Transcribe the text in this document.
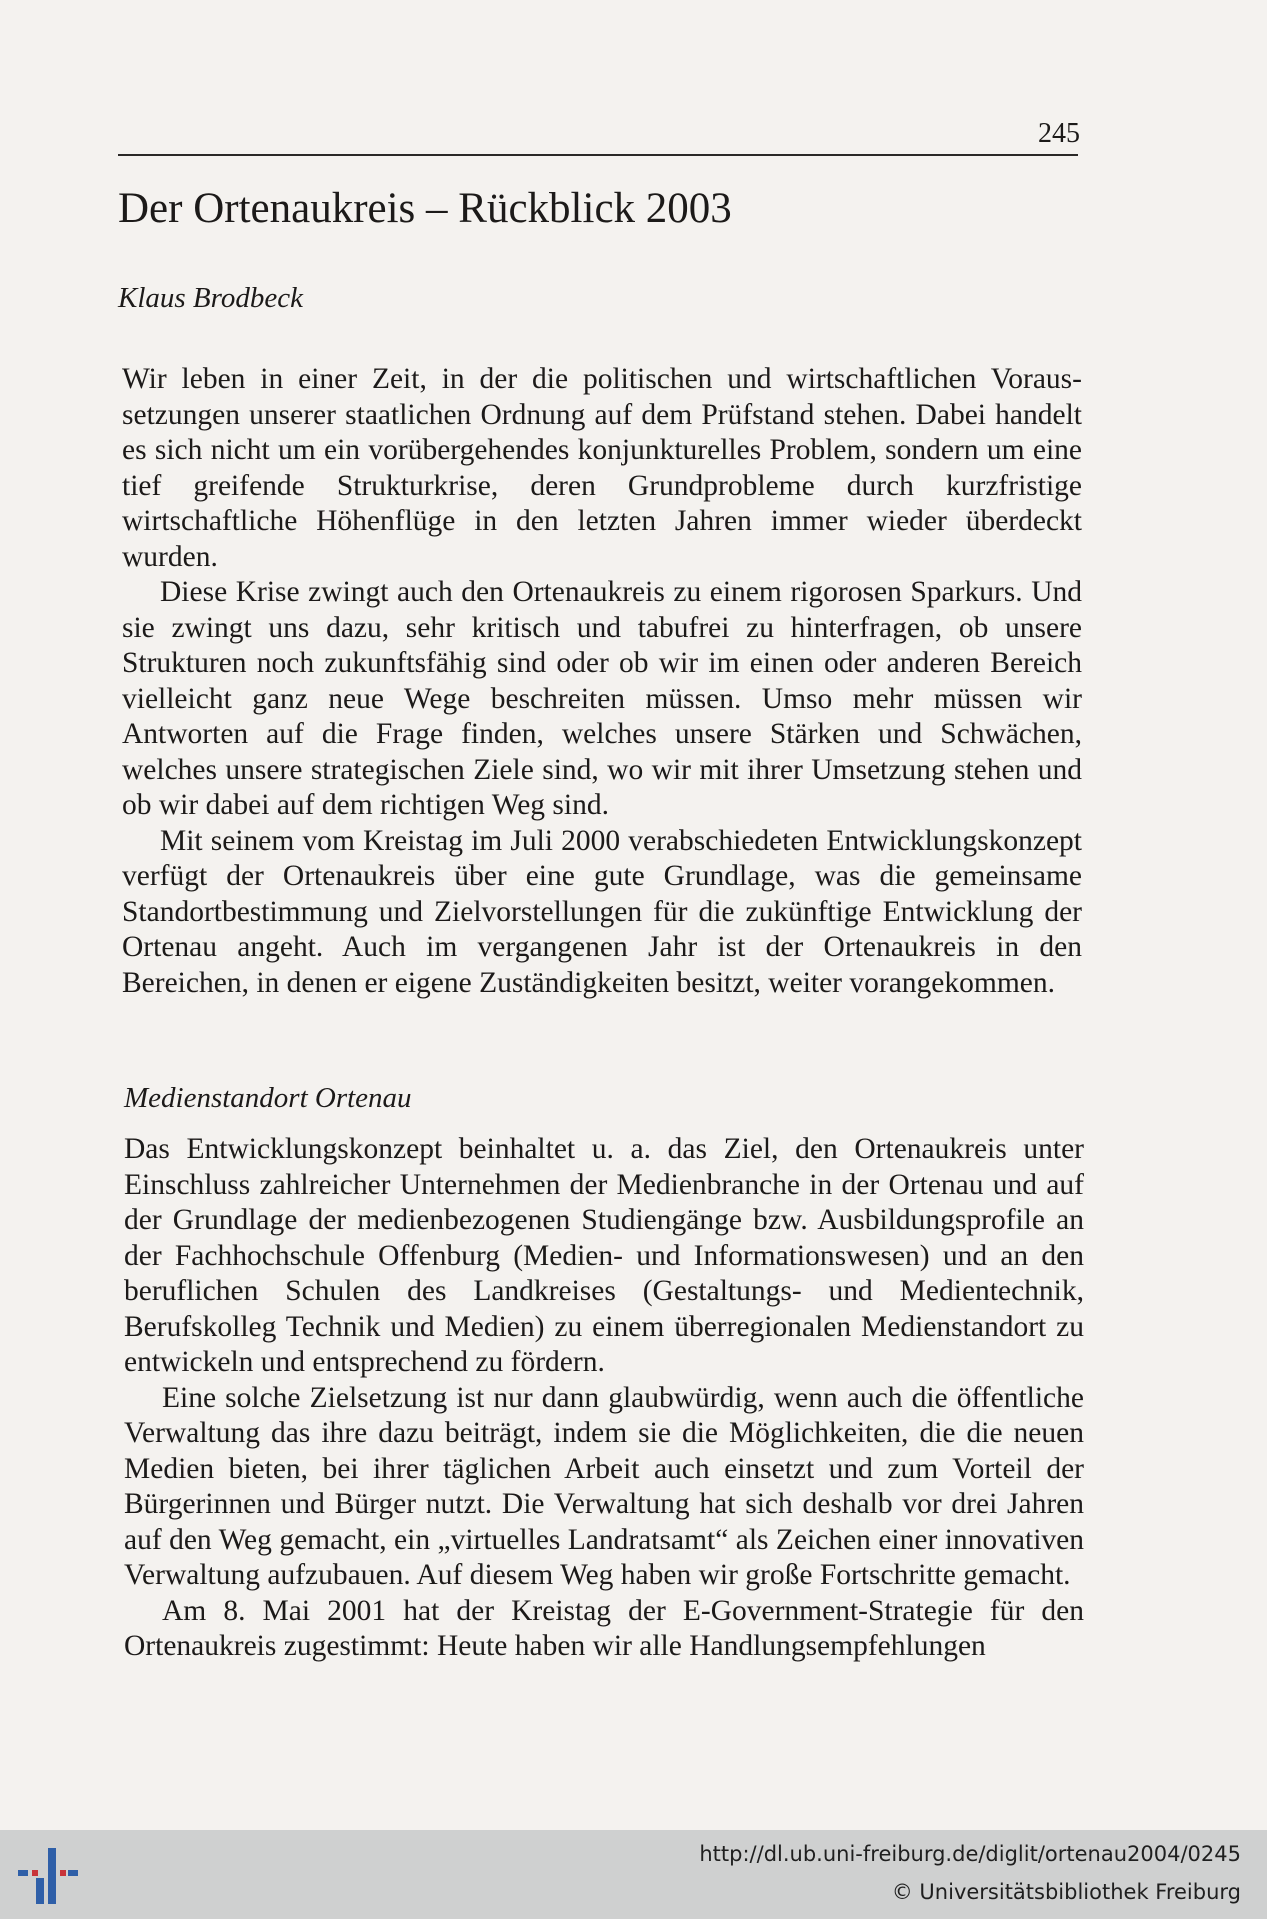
245
Der Ortenaukreis – Rückblick 2003
Klaus Brodbeck

Wir leben in einer Zeit, in der die politischen und wirtschaftlichen Voraussetzungen unserer staatlichen Ordnung auf dem Prüfstand stehen. Dabei handelt es sich nicht um ein vorübergehendes konjunkturelles Problem, sondern um eine tief greifende Strukturkrise, deren Grundprobleme durch kurzfristige wirtschaftliche Höhenflüge in den letzten Jahren immer wieder überdeckt wurden.

Diese Krise zwingt auch den Ortenaukreis zu einem rigorosen Sparkurs. Und sie zwingt uns dazu, sehr kritisch und tabufrei zu hinterfragen, ob unsere Strukturen noch zukunftsfähig sind oder ob wir im einen oder anderen Bereich vielleicht ganz neue Wege beschreiten müssen. Umso mehr müssen wir Antworten auf die Frage finden, welches unsere Stärken und Schwächen, welches unsere strategischen Ziele sind, wo wir mit ihrer Umsetzung stehen und ob wir dabei auf dem richtigen Weg sind.

Mit seinem vom Kreistag im Juli 2000 verabschiedeten Entwicklungskonzept verfügt der Ortenaukreis über eine gute Grundlage, was die gemeinsame Standortbestimmung und Zielvorstellungen für die zukünftige Entwicklung der Ortenau angeht. Auch im vergangenen Jahr ist der Ortenaukreis in den Bereichen, in denen er eigene Zuständigkeiten besitzt, weiter vorangekommen.

Medienstandort Ortenau

Das Entwicklungskonzept beinhaltet u. a. das Ziel, den Ortenaukreis unter Einschluss zahlreicher Unternehmen der Medienbranche in der Ortenau und auf der Grundlage der medienbezogenen Studiengänge bzw. Ausbildungsprofile an der Fachhochschule Offenburg (Medien- und Informationswesen) und an den beruflichen Schulen des Landkreises (Gestaltungs- und Medientechnik, Berufskolleg Technik und Medien) zu einem überregionalen Medienstandort zu entwickeln und entsprechend zu fördern.

Eine solche Zielsetzung ist nur dann glaubwürdig, wenn auch die öffentliche Verwaltung das ihre dazu beiträgt, indem sie die Möglichkeiten, die die neuen Medien bieten, bei ihrer täglichen Arbeit auch einsetzt und zum Vorteil der Bürgerinnen und Bürger nutzt. Die Verwaltung hat sich deshalb vor drei Jahren auf den Weg gemacht, ein „virtuelles Landratsamt“ als Zeichen einer innovativen Verwaltung aufzubauen. Auf diesem Weg haben wir große Fortschritte gemacht.

Am 8. Mai 2001 hat der Kreistag der E-Government-Strategie für den Ortenaukreis zugestimmt: Heute haben wir alle Handlungsempfehlungen

http://dl.ub.uni-freiburg.de/diglit/ortenau2004/0245
© Universitätsbibliothek Freiburg
